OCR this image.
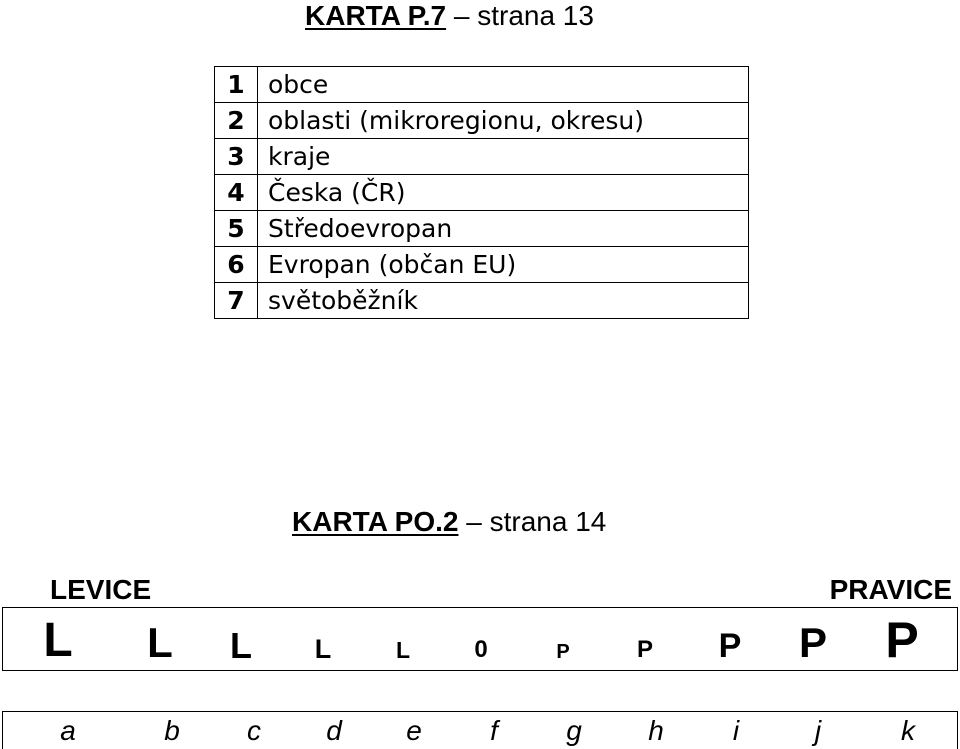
KARTA P.7 – strana 13
1	obce
2	oblasti (mikroregionu, okresu)
3	kraje
4	Česka (ČR)
5	Středoevropan
6	Evropan (občan EU)
7	světoběžník
KARTA PO.2 – strana 14
LEVICE	PRAVICE
L L L L	L	0	P	P P P P
a	b c d e f g h i	j	k
